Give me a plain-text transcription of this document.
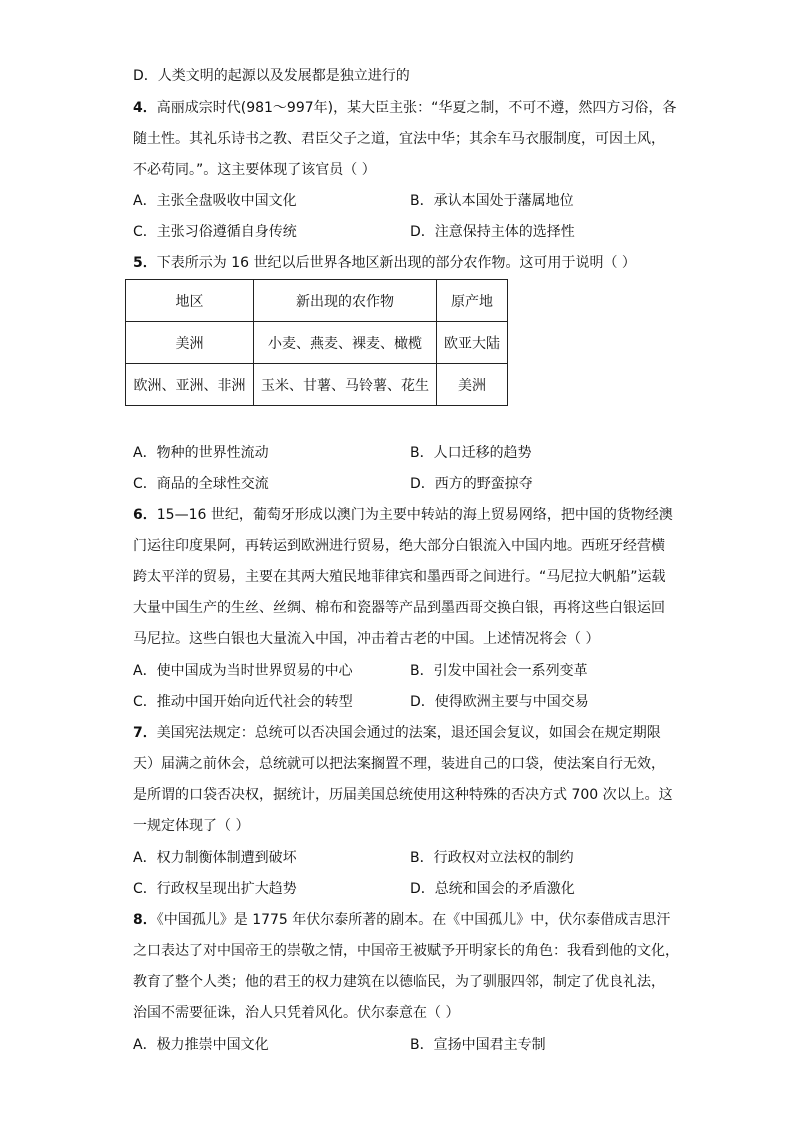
D．人类文明的起源以及发展都是独立进行的
4．高丽成宗时代(981～997年)，某大臣主张：“华夏之制，不可不遵，然四方习俗，各
随土性。其礼乐诗书之教、君臣父子之道，宜法中华；其余车马衣服制度，可因土风，
不必苟同。”。这主要体现了该官员（ ）
A．主张全盘吸收中国文化	B．承认本国处于藩属地位
C．主张习俗遵循自身传统	D．注意保持主体的选择性
5．下表所示为 16 世纪以后世界各地区新出现的部分农作物。这可用于说明（ ）
地区	新出现的农作物	原产地
美洲	小麦、燕麦、裸麦、橄榄	欧亚大陆
欧洲、亚洲、非洲	玉米、甘薯、马铃薯、花生	美洲
A．物种的世界性流动	B．人口迁移的趋势
C．商品的全球性交流	D．西方的野蛮掠夺
6．15—16 世纪，葡萄牙形成以澳门为主要中转站的海上贸易网络，把中国的货物经澳
门运往印度果阿，再转运到欧洲进行贸易，绝大部分白银流入中国内地。西班牙经营横
跨太平洋的贸易，主要在其两大殖民地菲律宾和墨西哥之间进行。“马尼拉大帆船”运载
大量中国生产的生丝、丝绸、棉布和瓷器等产品到墨西哥交换白银，再将这些白银运回
马尼拉。这些白银也大量流入中国，冲击着古老的中国。上述情况将会（ ）
A．使中国成为当时世界贸易的中心	B．引发中国社会一系列变革
C．推动中国开始向近代社会的转型	D．使得欧洲主要与中国交易
7．美国宪法规定：总统可以否决国会通过的法案，退还国会复议，如国会在规定期限
天）届满之前休会，总统就可以把法案搁置不理，装进自己的口袋，使法案自行无效，
是所谓的口袋否决权，据统计，历届美国总统使用这种特殊的否决方式 700 次以上。这
一规定体现了（ ）
A．权力制衡体制遭到破坏	B．行政权对立法权的制约
C．行政权呈现出扩大趋势	D．总统和国会的矛盾激化
8．《中国孤儿》是 1775 年伏尔泰所著的剧本。在《中国孤儿》中，伏尔泰借成吉思汗
之口表达了对中国帝王的崇敬之情，中国帝王被赋予开明家长的角色：我看到他的文化，
教育了整个人类；他的君王的权力建筑在以德临民，为了驯服四邻，制定了优良礼法，
治国不需要征诛，治人只凭着风化。伏尔泰意在（ ）
A．极力推崇中国文化	B．宣扬中国君主专制
